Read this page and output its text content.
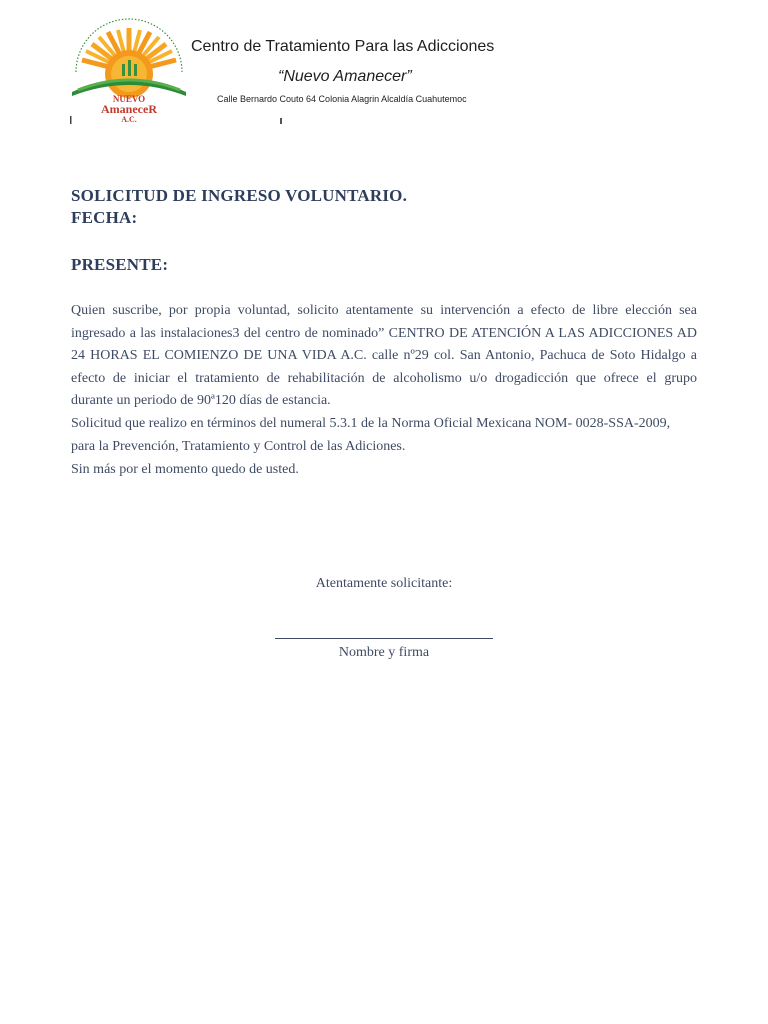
NUEVO
AmaneceR
A.C.
Centro de Tratamiento Para las Adicciones
“Nuevo Amanecer”
Calle Bernardo Couto 64 Colonia Alagrin Alcaldía Cuahutemoc
SOLICITUD DE INGRESO VOLUNTARIO.
FECHA:
PRESENTE:
Quien suscribe, por propia voluntad, solicito atentamente su intervención a efecto de libre elección sea
ingresado a las instalaciones3 del centro de nominado” CENTRO DE ATENCIÓN A LAS ADICCIONES AD
24 HORAS EL COMIENZO DE UNA VIDA A.C. calle nº29 col. San Antonio, Pachuca de Soto Hidalgo a
efecto de iniciar el tratamiento de rehabilitación de alcoholismo u/o drogadicción que ofrece el grupo
durante un periodo de 90ª120 días de estancia.
Solicitud que realizo en términos del numeral 5.3.1 de la Norma Oficial Mexicana NOM- 0028-SSA-2009,
para la Prevención, Tratamiento y Control de las Adiciones.
Sin más por el momento quedo de usted.
Atentamente solicitante:
Nombre y firma
